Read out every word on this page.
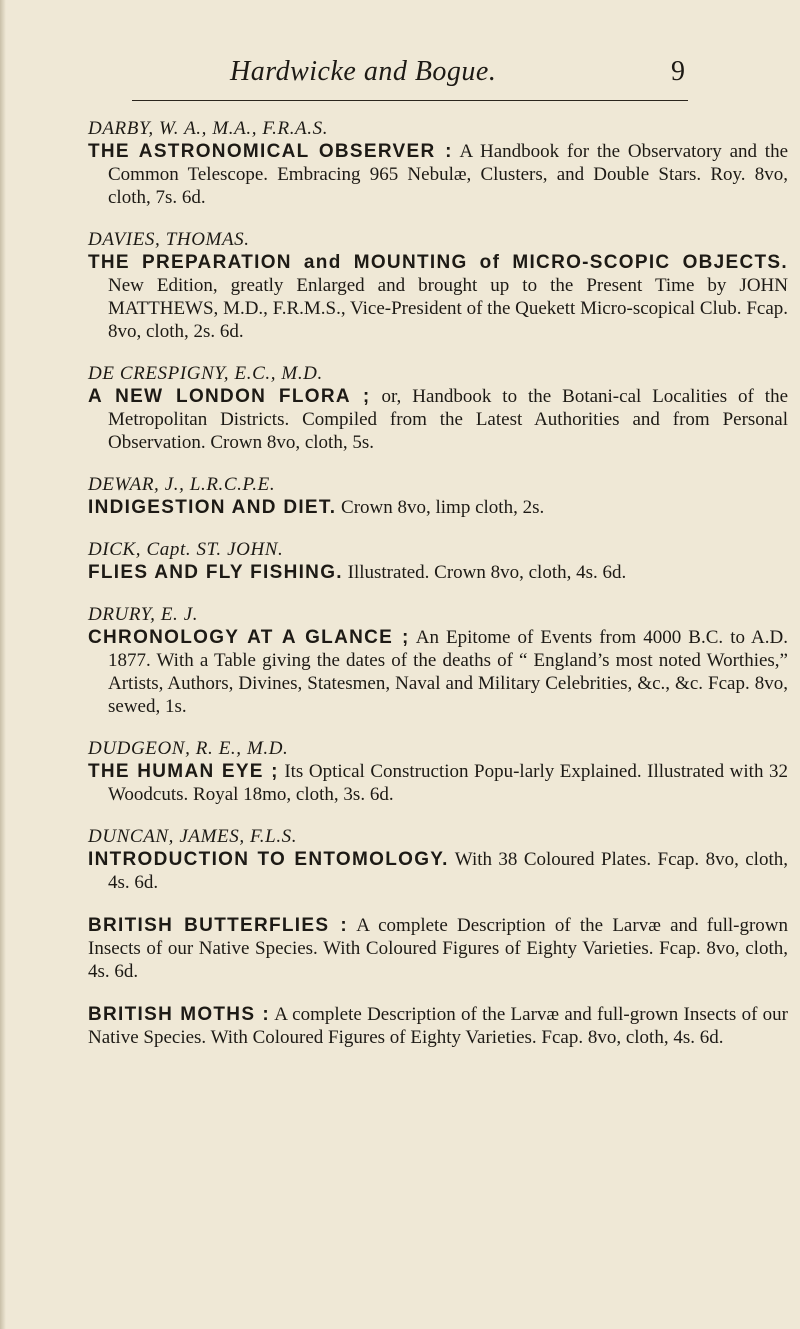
Hardwicke and Bogue.	9
DARBY, W. A., M.A., F.R.A.S.
THE ASTRONOMICAL OBSERVER : A Handbook for the Observatory and the Common Telescope. Embracing 965 Nebulæ, Clusters, and Double Stars. Roy. 8vo, cloth, 7s. 6d.
DAVIES, THOMAS.
THE PREPARATION and MOUNTING of MICRO-SCOPIC OBJECTS. New Edition, greatly Enlarged and brought up to the Present Time by JOHN MATTHEWS, M.D., F.R.M.S., Vice-President of the Quekett Micro-scopical Club. Fcap. 8vo, cloth, 2s. 6d.
DE CRESPIGNY, E.C., M.D.
A NEW LONDON FLORA ; or, Handbook to the Botani-cal Localities of the Metropolitan Districts. Compiled from the Latest Authorities and from Personal Observation. Crown 8vo, cloth, 5s.
DEWAR, J., L.R.C.P.E.
INDIGESTION AND DIET. Crown 8vo, limp cloth, 2s.
DICK, Capt. ST. JOHN.
FLIES AND FLY FISHING. Illustrated. Crown 8vo, cloth, 4s. 6d.
DRURY, E. J.
CHRONOLOGY AT A GLANCE ; An Epitome of Events from 4000 B.C. to A.D. 1877. With a Table giving the dates of the deaths of “ England’s most noted Worthies,” Artists, Authors, Divines, Statesmen, Naval and Military Celebrities, &c., &c. Fcap. 8vo, sewed, 1s.
DUDGEON, R. E., M.D.
THE HUMAN EYE ; Its Optical Construction Popu-larly Explained. Illustrated with 32 Woodcuts. Royal 18mo, cloth, 3s. 6d.
DUNCAN, JAMES, F.L.S.
INTRODUCTION TO ENTOMOLOGY. With 38 Coloured Plates. Fcap. 8vo, cloth, 4s. 6d.
BRITISH BUTTERFLIES : A complete Description of the Larvæ and full-grown Insects of our Native Species. With Coloured Figures of Eighty Varieties. Fcap. 8vo, cloth, 4s. 6d.
BRITISH MOTHS : A complete Description of the Larvæ and full-grown Insects of our Native Species. With Coloured Figures of Eighty Varieties. Fcap. 8vo, cloth, 4s. 6d.
